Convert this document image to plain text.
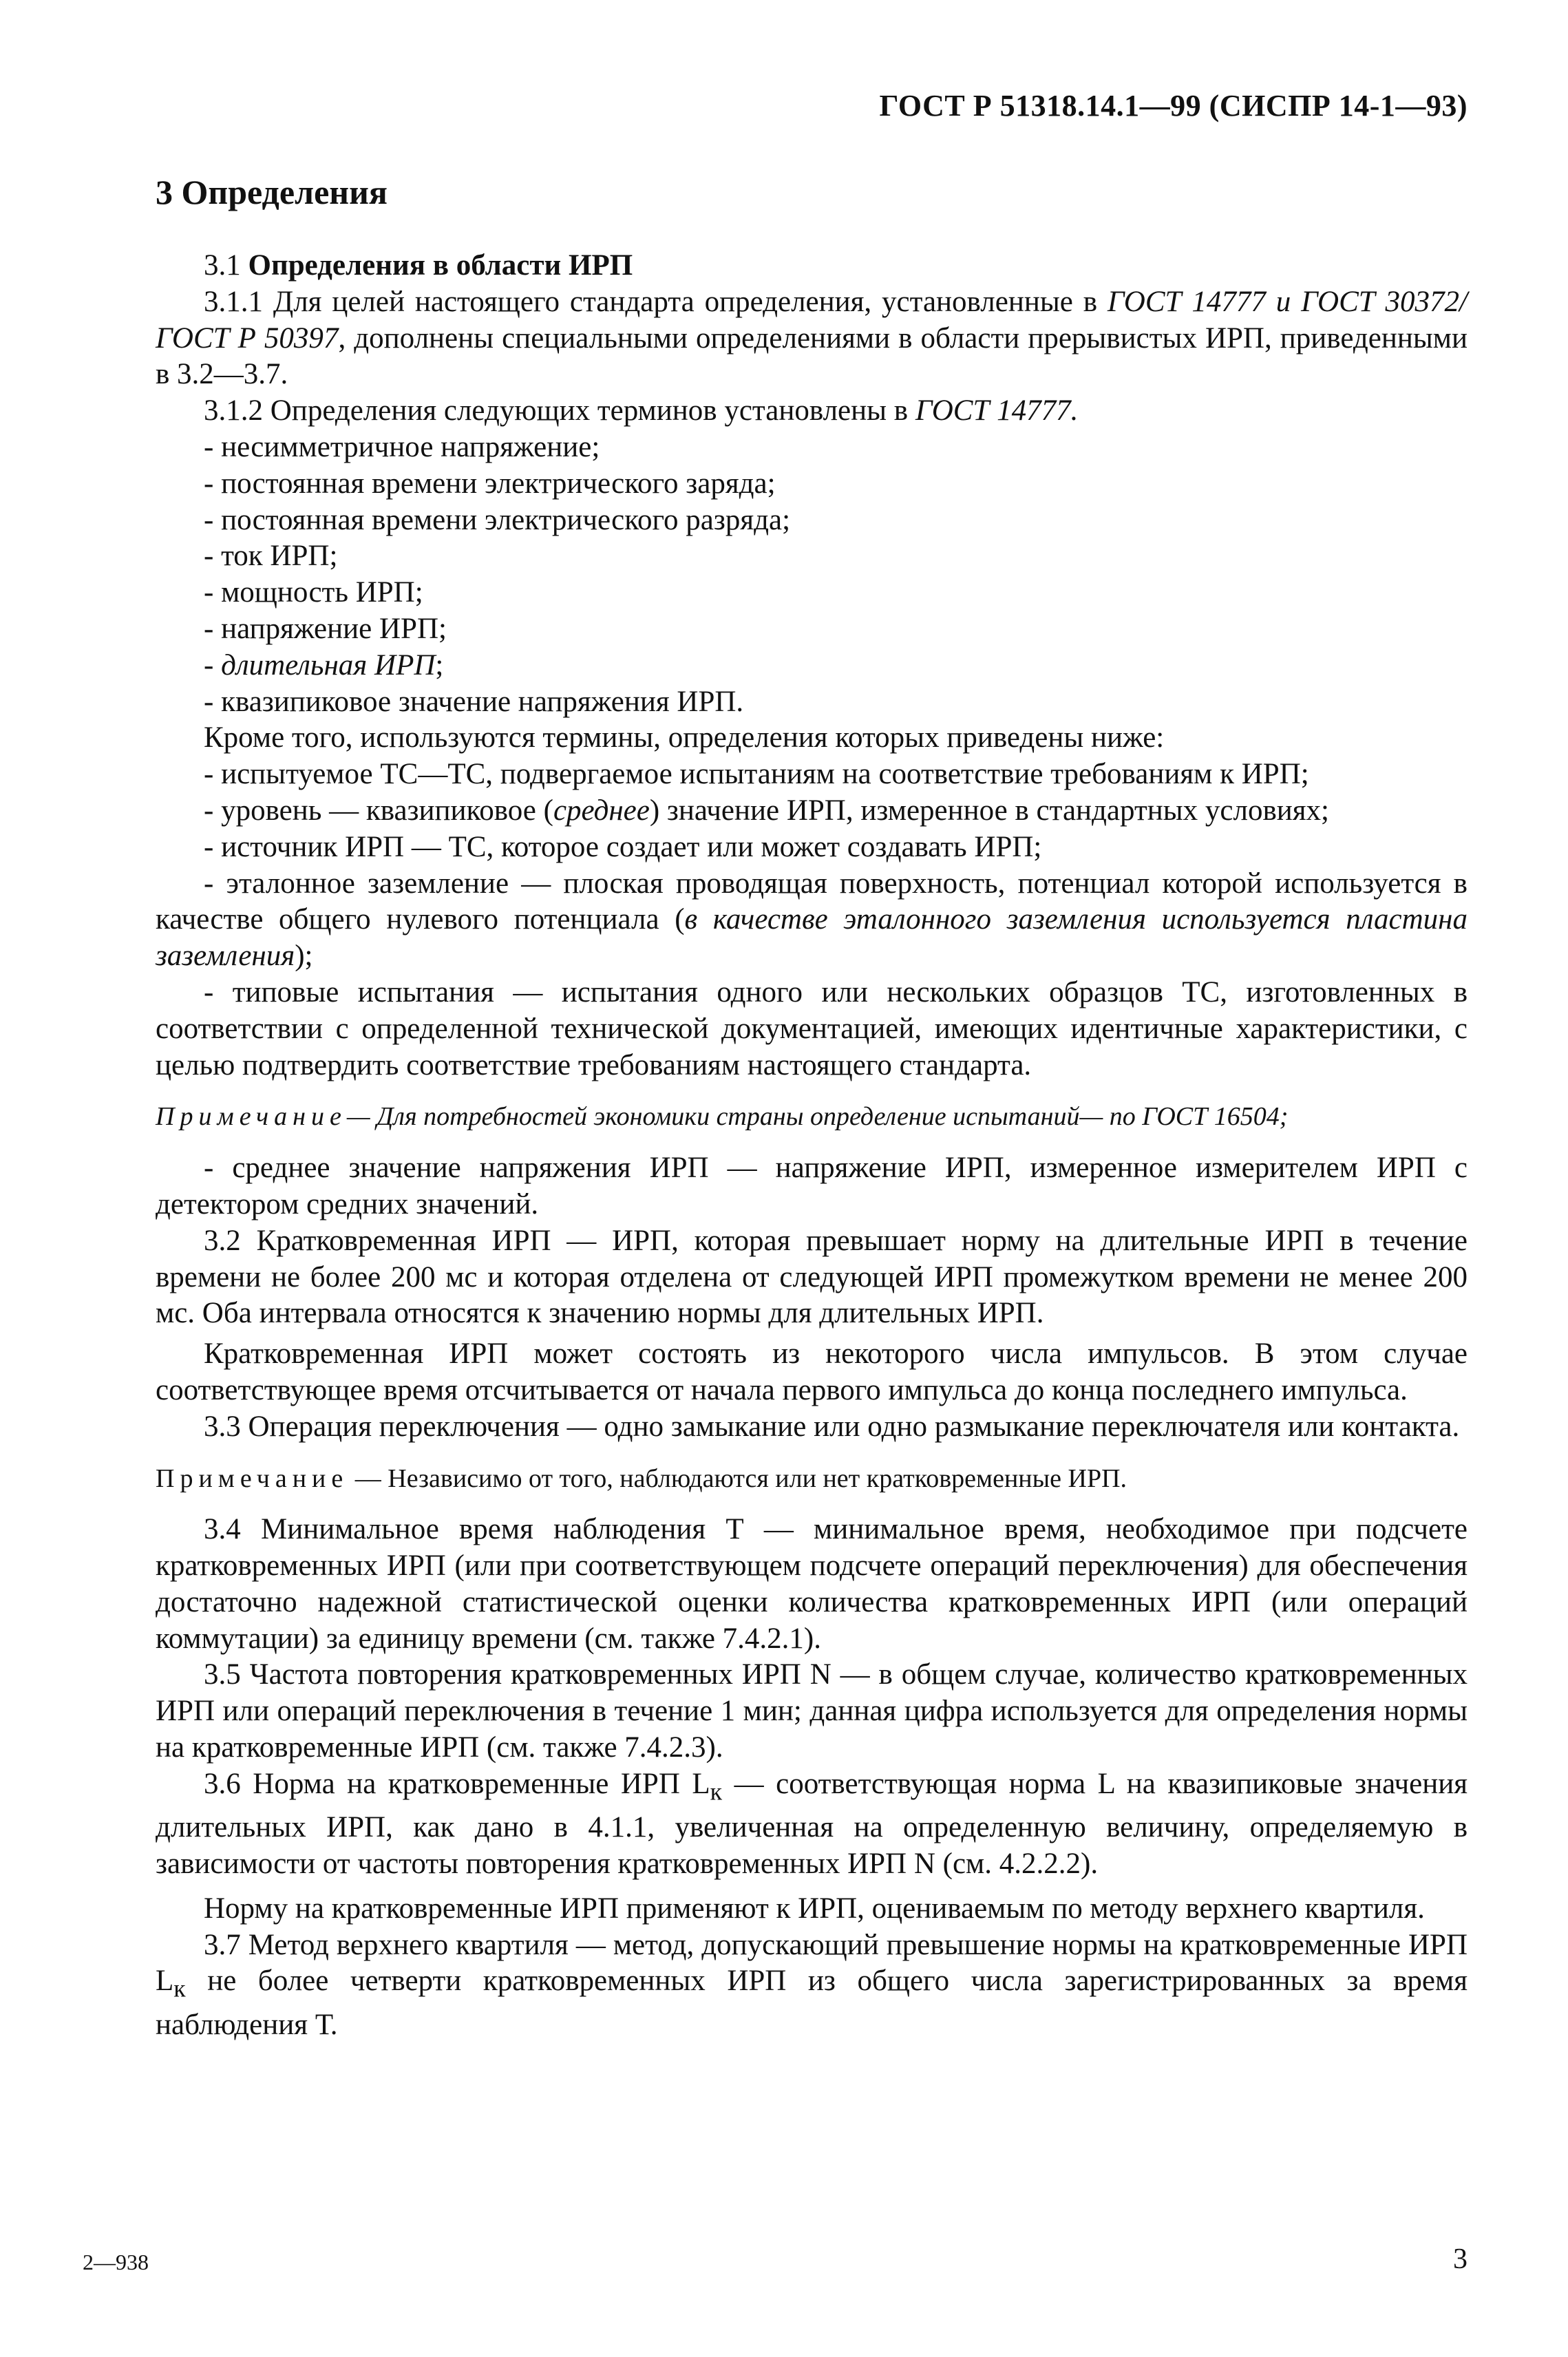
ГОСТ Р 51318.14.1—99 (СИСПР 14-1—93)
3 Определения

3.1 Определения в области ИРП

3.1.1 Для целей настоящего стандарта определения, установленные в ГОСТ 14777 и ГОСТ 30372/ГОСТ Р 50397, дополнены специальными определениями в области прерывистых ИРП, приведенными в 3.2—3.7.

3.1.2 Определения следующих терминов установлены в ГОСТ 14777.

- несимметричное напряжение;

- постоянная времени электрического заряда;

- постоянная времени электрического разряда;

- ток ИРП;

- мощность ИРП;

- напряжение ИРП;

- длительная ИРП;

- квазипиковое значение напряжения ИРП.

Кроме того, используются термины, определения которых приведены ниже:

- испытуемое ТС—ТС, подвергаемое испытаниям на соответствие требованиям к ИРП;

- уровень — квазипиковое (среднее) значение ИРП, измеренное в стандартных условиях;

- источник ИРП — ТС, которое создает или может создавать ИРП;

- эталонное заземление — плоская проводящая поверхность, потенциал которой используется в качестве общего нулевого потенциала (в качестве эталонного заземления используется пластина заземления);

- типовые испытания — испытания одного или нескольких образцов ТС, изготовленных в соответствии с определенной технической документацией, имеющих идентичные характеристики, с целью подтвердить соответствие требованиям настоящего стандарта.

Примечание— Для потребностей экономики страны определение испытаний— по ГОСТ 16504;

- среднее значение напряжения ИРП — напряжение ИРП, измеренное измерителем ИРП с детектором средних значений.

3.2 Кратковременная ИРП — ИРП, которая превышает норму на длительные ИРП в течение времени не более 200 мс и которая отделена от следующей ИРП промежутком времени не менее 200 мс. Оба интервала относятся к значению нормы для длительных ИРП.

Кратковременная ИРП может состоять из некоторого числа импульсов. В этом случае соответствующее время отсчитывается от начала первого импульса до конца последнего импульса.

3.3 Операция переключения — одно замыкание или одно размыкание переключателя или контакта.

Примечание — Независимо от того, наблюдаются или нет кратковременные ИРП.

3.4 Минимальное время наблюдения Т — минимальное время, необходимое при подсчете кратковременных ИРП (или при соответствующем подсчете операций переключения) для обеспечения достаточно надежной статистической оценки количества кратковременных ИРП (или операций коммутации) за единицу времени (см. также 7.4.2.1).

3.5 Частота повторения кратковременных ИРП N — в общем случае, количество кратковременных ИРП или операций переключения в течение 1 мин; данная цифра используется для определения нормы на кратковременные ИРП (см. также 7.4.2.3).

3.6 Норма на кратковременные ИРП $L_к$ — соответствующая норма L на квазипиковые значения длительных ИРП, как дано в 4.1.1, увеличенная на определенную величину, определяемую в зависимости от частоты повторения кратковременных ИРП N (см. 4.2.2.2).

Норму на кратковременные ИРП применяют к ИРП, оцениваемым по методу верхнего квартиля.

3.7 Метод верхнего квартиля — метод, допускающий превышение нормы на кратковременные ИРП $L_к$ не более четверти кратковременных ИРП из общего числа зарегистрированных за время наблюдения Т.

2—938	3
